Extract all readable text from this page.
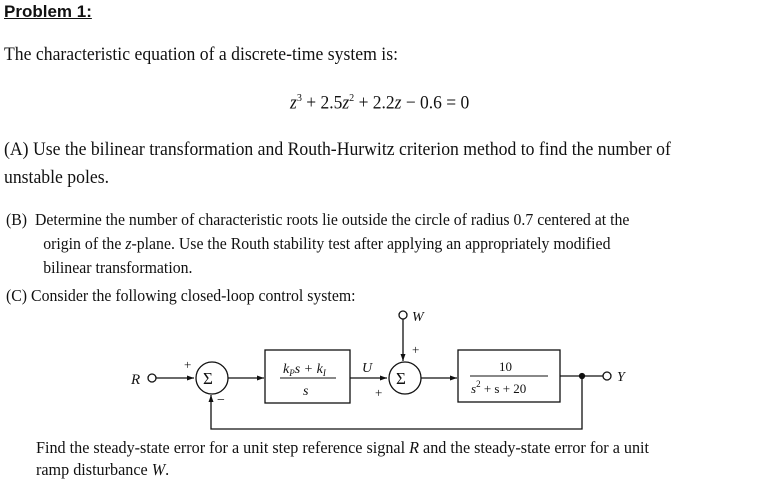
Problem 1:
The characteristic equation of a discrete-time system is:
$z^3 + 2.5z^2 + 2.2z - 0.6 = 0$
(A) Use the bilinear transformation and Routh-Hurwitz criterion method to find the number of
unstable poles.
(B) Determine the number of characteristic roots lie outside the circle of radius 0.7 centered at the
origin of the z-plane. Use the Routh stability test after applying an appropriately modified
bilinear transformation.
(C) Consider the following closed-loop control system:
R
+
−
Σ	$k_Ps + k_I$
s
U
+
+
Σ
W
10
$s^2 + s + 20$
Y
Find the steady-state error for a unit step reference signal R and the steady-state error for a unit
ramp disturbance W.
